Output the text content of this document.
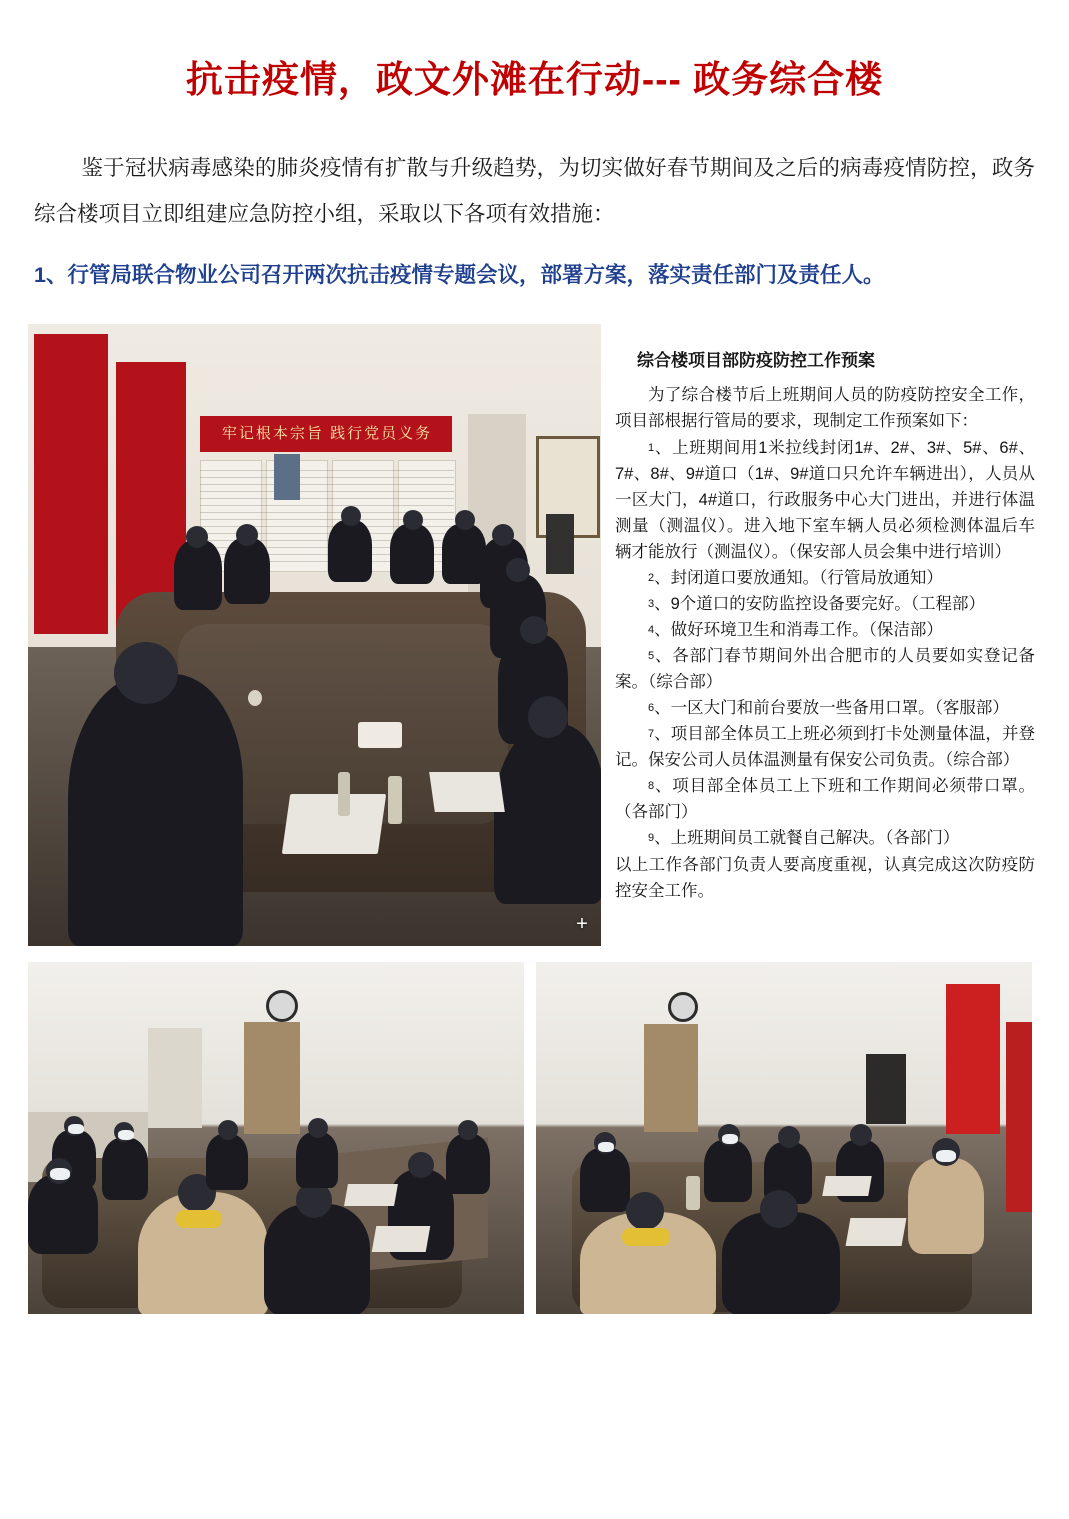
抗击疫情，政文外滩在行动--- 政务综合楼
鉴于冠状病毒感染的肺炎疫情有扩散与升级趋势，为切实做好春节期间及之后的病毒疫情防控，政务综合楼项目立即组建应急防控小组，采取以下各项有效措施：
1、行管局联合物业公司召开两次抗击疫情专题会议，部署方案，落实责任部门及责任人。
牢记根本宗旨 践行党员义务
+
综合楼项目部防疫防控工作预案

为了综合楼节后上班期间人员的防疫防控安全工作，项目部根据行管局的要求，现制定工作预案如下：

1、上班期间用1米拉线封闭1#、2#、3#、5#、6#、7#、8#、9#道口（1#、9#道口只允许车辆进出），人员从一区大门，4#道口，行政服务中心大门进出，并进行体温测量（测温仪）。进入地下室车辆人员必须检测体温后车辆才能放行（测温仪）。（保安部人员会集中进行培训）

2、封闭道口要放通知。（行管局放通知）

3、9个道口的安防监控设备要完好。（工程部）

4、做好环境卫生和消毒工作。（保洁部）

5、各部门春节期间外出合肥市的人员要如实登记备案。（综合部）

6、一区大门和前台要放一些备用口罩。（客服部）

7、项目部全体员工上班必须到打卡处测量体温，并登记。保安公司人员体温测量有保安公司负责。（综合部）

8、项目部全体员工上下班和工作期间必须带口罩。（各部门）

9、上班期间员工就餐自己解决。（各部门）

以上工作各部门负责人要高度重视，认真完成这次防疫防控安全工作。
